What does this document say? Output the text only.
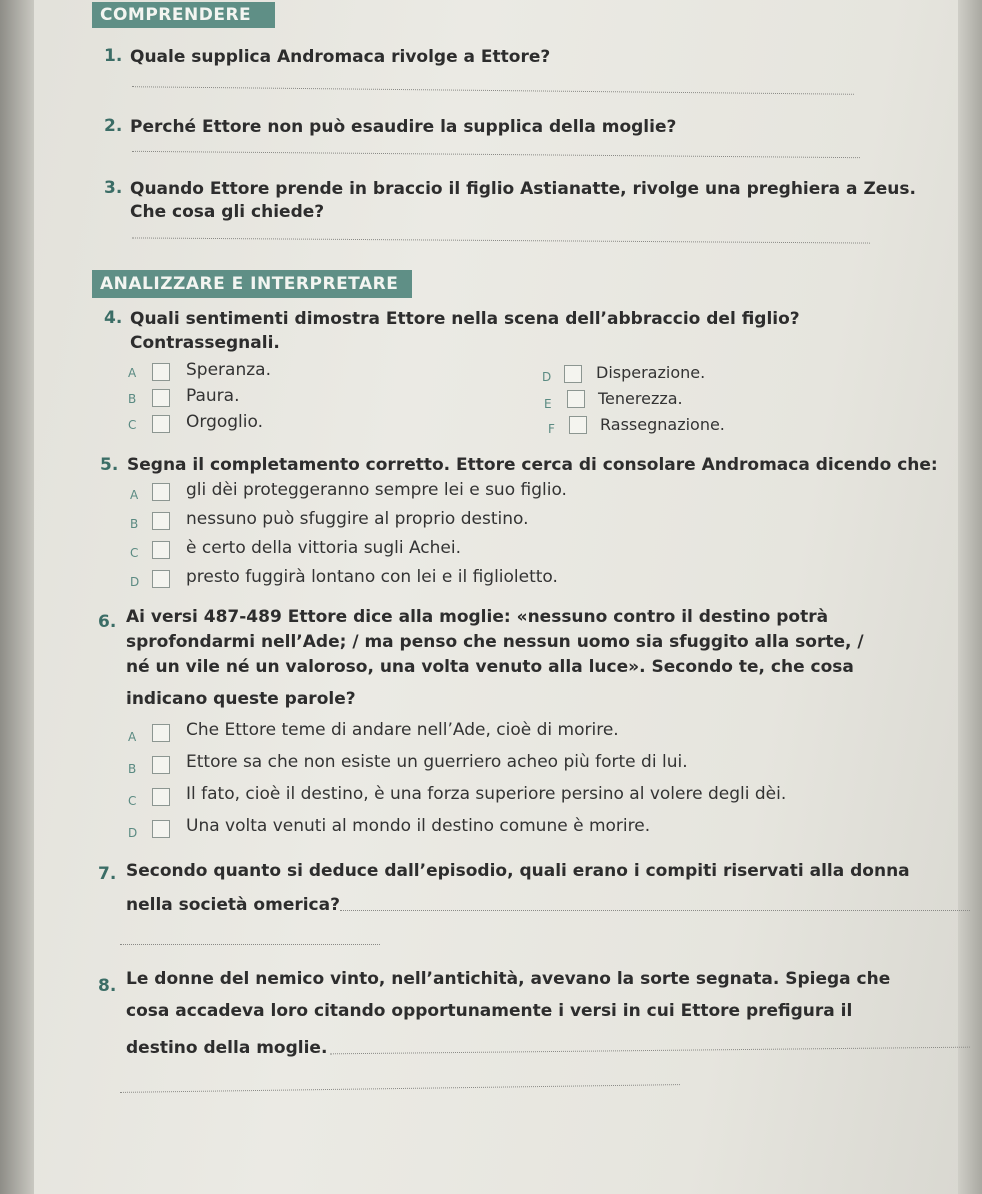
COMPRENDERE
1. Quale supplica Andromaca rivolge a Ettore?
2. Perché Ettore non può esaudire la supplica della moglie?
3. Quando Ettore prende in braccio il figlio Astianatte, rivolge una preghiera a Zeus.
Che cosa gli chiede?
ANALIZZARE E INTERPRETARE
4. Quali sentimenti dimostra Ettore nella scena dell’abbraccio del figlio?
Contrassegnali.
A	Speranza.
B	Paura.
C	Orgoglio.
D	Disperazione.
E	Tenerezza.
F	Rassegnazione.
5. Segna il completamento corretto. Ettore cerca di consolare Andromaca dicendo che:
A	gli dèi proteggeranno sempre lei e suo figlio.
B	nessuno può sfuggire al proprio destino.
C	è certo della vittoria sugli Achei.
D	presto fuggirà lontano con lei e il figlioletto.
6. Ai versi 487-489 Ettore dice alla moglie: «nessuno contro il destino potrà
sprofondarmi nell’Ade; / ma penso che nessun uomo sia sfuggito alla sorte, /
né un vile né un valoroso, una volta venuto alla luce». Secondo te, che cosa
indicano queste parole?
A	Che Ettore teme di andare nell’Ade, cioè di morire.
B	Ettore sa che non esiste un guerriero acheo più forte di lui.
C	Il fato, cioè il destino, è una forza superiore persino al volere degli dèi.
D	Una volta venuti al mondo il destino comune è morire.
7. Secondo quanto si deduce dall’episodio, quali erano i compiti riservati alla donna
nella società omerica?
8. Le donne del nemico vinto, nell’antichità, avevano la sorte segnata. Spiega che
cosa accadeva loro citando opportunamente i versi in cui Ettore prefigura il
destino della moglie.
